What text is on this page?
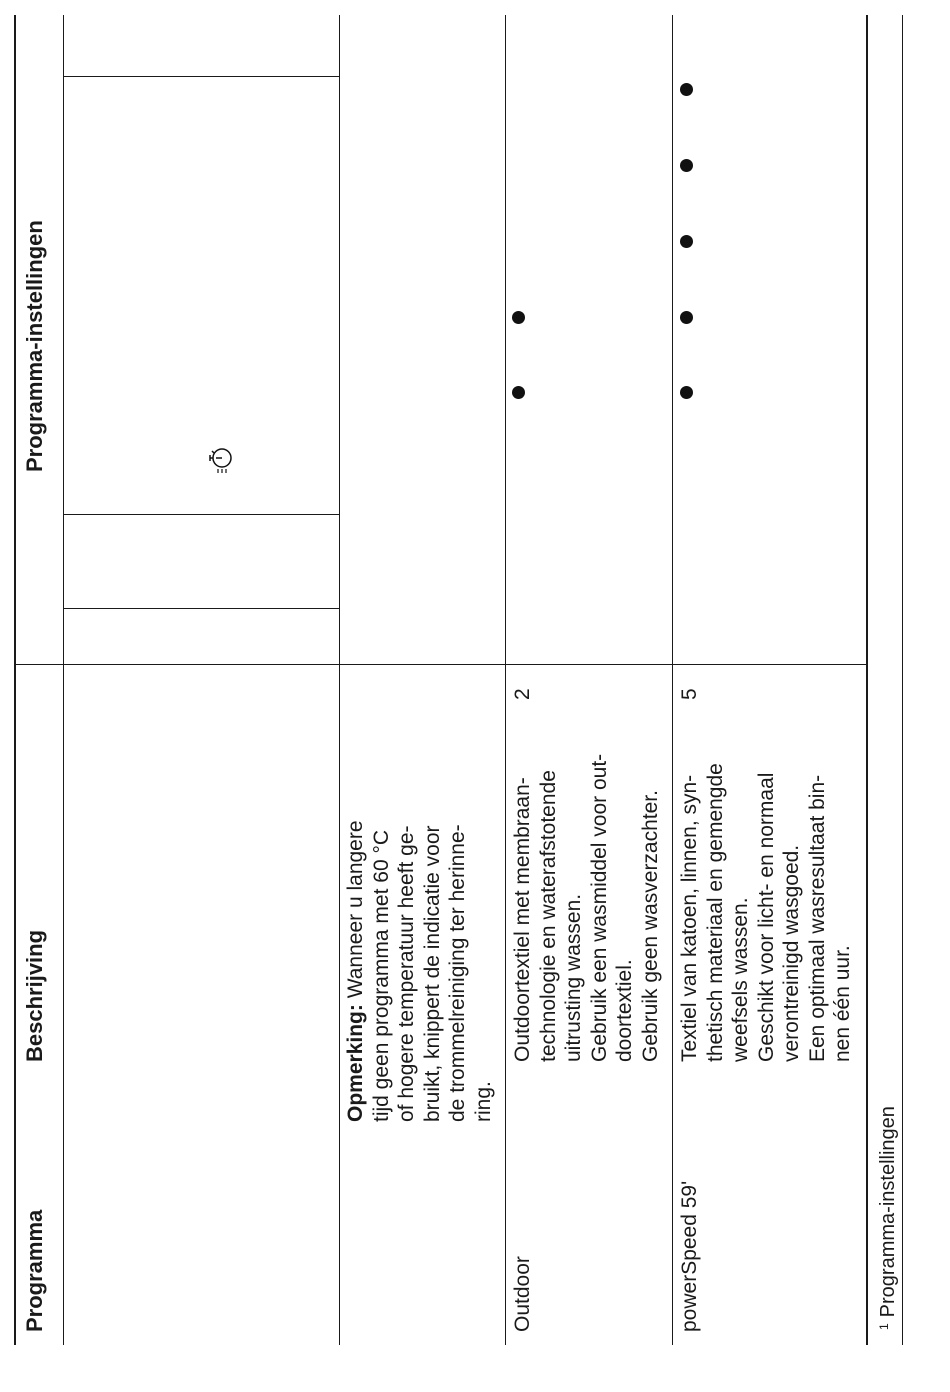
Programma
Beschrijving
Programma-instellingen
Opmerking: Wanneer u langere
tijd geen programma met 60 °C
of hogere temperatuur heeft ge-
bruikt, knippert de indicatie voor
de trommelreiniging ter herinne-
ring.
Outdoor
Outdoortextiel met membraan-
technologie en waterafstotende
uitrusting wassen.
Gebruik een wasmiddel voor out-
doortextiel.
Gebruik geen wasverzachter.
2
powerSpeed 59'
Textiel van katoen, linnen, syn-
thetisch materiaal en gemengde
weefsels wassen.
Geschikt voor licht- en normaal
verontreinigd wasgoed.
Een optimaal wasresultaat bin-
nen één uur.
5
$^1$Programma-instellingen
